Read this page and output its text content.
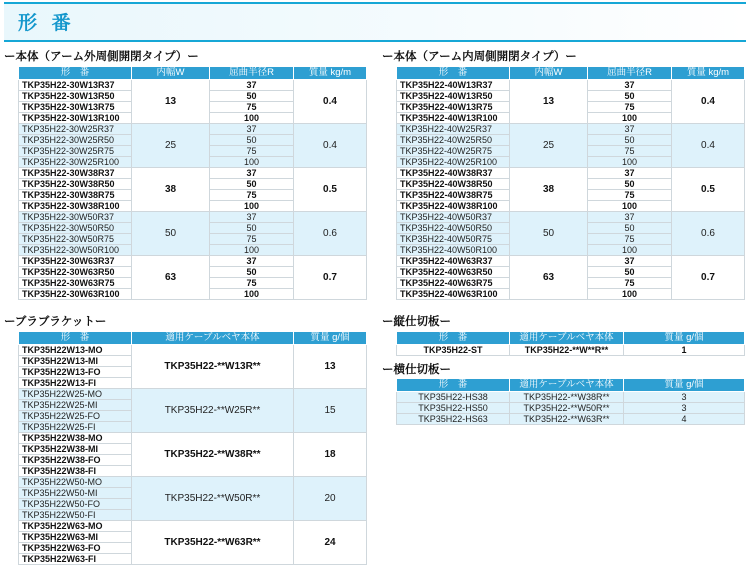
形 番
ー本体（アーム外周側開閉タイプ）ー	ー本体（アーム内周側開閉タイプ）ー
ーブラブラケットー	ー縦仕切板ー
ー横仕切板ー
形　番	内幅W	屈曲半径R	質量 kg/m
TKP35H22-30W13R37	13	37	0.4
TKP35H22-30W13R50		50	
TKP35H22-30W13R75		75	
TKP35H22-30W13R100		100	
TKP35H22-30W25R37	25	37	0.4
TKP35H22-30W25R50		50	
TKP35H22-30W25R75		75	
TKP35H22-30W25R100		100	
TKP35H22-30W38R37	38	37	0.5
TKP35H22-30W38R50		50	
TKP35H22-30W38R75		75	
TKP35H22-30W38R100		100	
TKP35H22-30W50R37	50	37	0.6
TKP35H22-30W50R50		50	
TKP35H22-30W50R75		75	
TKP35H22-30W50R100		100	
TKP35H22-30W63R37	63	37	0.7
TKP35H22-30W63R50		50	
TKP35H22-30W63R75		75	
TKP35H22-30W63R100		100	
形　番	内幅W	屈曲半径R	質量 kg/m
TKP35H22-40W13R37	13	37	0.4
TKP35H22-40W13R50		50	
TKP35H22-40W13R75		75	
TKP35H22-40W13R100		100	
TKP35H22-40W25R37	25	37	0.4
TKP35H22-40W25R50		50	
TKP35H22-40W25R75		75	
TKP35H22-40W25R100		100	
TKP35H22-40W38R37	38	37	0.5
TKP35H22-40W38R50		50	
TKP35H22-40W38R75		75	
TKP35H22-40W38R100		100	
TKP35H22-40W50R37	50	37	0.6
TKP35H22-40W50R50		50	
TKP35H22-40W50R75		75	
TKP35H22-40W50R100		100	
TKP35H22-40W63R37	63	37	0.7
TKP35H22-40W63R50		50	
TKP35H22-40W63R75		75	
TKP35H22-40W63R100		100	
形　番	適用ケーブルベヤ本体	質量 g/個
TKP35H22W13-MO	TKP35H22-**W13R**	13
TKP35H22W13-MI		
TKP35H22W13-FO		
TKP35H22W13-FI		
TKP35H22W25-MO	TKP35H22-**W25R**	15
TKP35H22W25-MI		
TKP35H22W25-FO		
TKP35H22W25-FI		
TKP35H22W38-MO	TKP35H22-**W38R**	18
TKP35H22W38-MI		
TKP35H22W38-FO		
TKP35H22W38-FI		
TKP35H22W50-MO	TKP35H22-**W50R**	20
TKP35H22W50-MI		
TKP35H22W50-FO		
TKP35H22W50-FI		
TKP35H22W63-MO	TKP35H22-**W63R**	24
TKP35H22W63-MI		
TKP35H22W63-FO		
TKP35H22W63-FI		
形　番	適用ケーブルベヤ本体	質量 g/個
TKP35H22-ST	TKP35H22-**W**R**	1
形　番	適用ケーブルベヤ本体	質量 g/個
TKP35H22-HS38	TKP35H22-**W38R**	3
TKP35H22-HS50	TKP35H22-**W50R**	3
TKP35H22-HS63	TKP35H22-**W63R**	4
